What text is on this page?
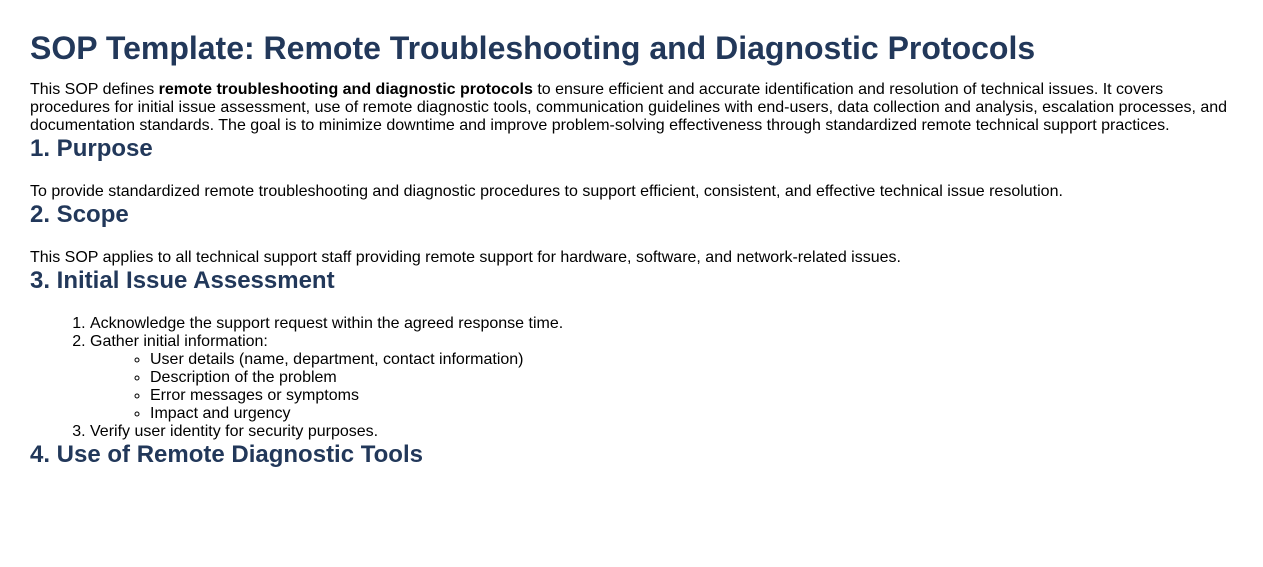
SOP Template: Remote Troubleshooting and Diagnostic Protocols

This SOP defines remote troubleshooting and diagnostic protocols to ensure efficient and accurate identification and resolution of technical issues. It covers procedures for initial issue assessment, use of remote diagnostic tools, communication guidelines with end-users, data collection and analysis, escalation processes, and documentation standards. The goal is to minimize downtime and improve problem-solving effectiveness through standardized remote technical support practices.

1. Purpose

To provide standardized remote troubleshooting and diagnostic procedures to support efficient, consistent, and effective technical issue resolution.

2. Scope

This SOP applies to all technical support staff providing remote support for hardware, software, and network-related issues.

3. Initial Issue Assessment
1. Acknowledge the support request within the agreed response time.
2. Gather initial information:
◦ User details (name, department, contact information)
◦ Description of the problem
◦ Error messages or symptoms
◦ Impact and urgency
3. Verify user identity for security purposes.
4. Use of Remote Diagnostic Tools
